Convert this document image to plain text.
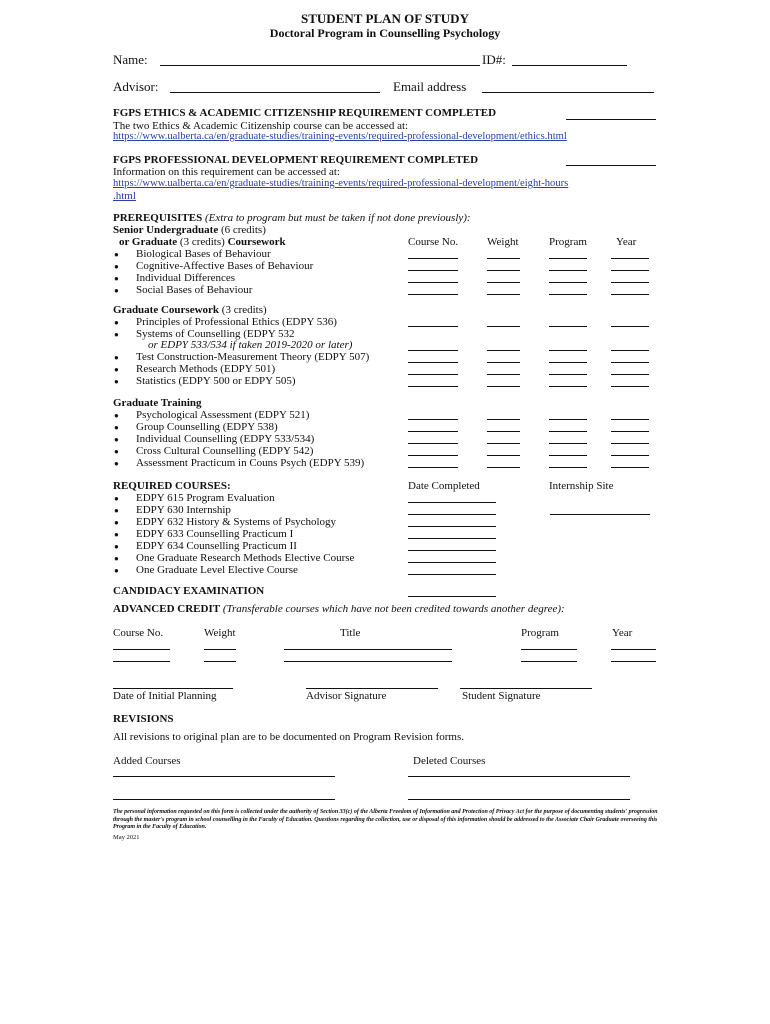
STUDENT PLAN OF STUDY
Doctoral Program in Counselling Psychology
Name:	ID#:
Advisor:	Email address
FGPS ETHICS & ACADEMIC CITIZENSHIP REQUIREMENT COMPLETED
The two Ethics & Academic Citizenship course can be accessed at:
https://www.ualberta.ca/en/graduate-studies/training-events/required-professional-development/ethics.html
FGPS PROFESSIONAL DEVELOPMENT REQUIREMENT COMPLETED
Information on this requirement can be accessed at:
https://www.ualberta.ca/en/graduate-studies/training-events/required-professional-development/eight-hours
.html
PREREQUISITES (Extra to program but must be taken if not done previously):
Senior Undergraduate (6 credits)
or Graduate (3 credits) Coursework	Course No.	Weight	Program	Year
● Biological Bases of Behaviour
● Cognitive-Affective Bases of Behaviour
● Individual Differences
● Social Bases of Behaviour
Graduate Coursework (3 credits)
● Principles of Professional Ethics (EDPY 536)
● Systems of Counselling (EDPY 532
or EDPY 533/534 if taken 2019-2020 or later)
● Test Construction-Measurement Theory (EDPY 507)
● Research Methods (EDPY 501)
● Statistics (EDPY 500 or EDPY 505)
Graduate Training
● Psychological Assessment (EDPY 521)
● Group Counselling (EDPY 538)
● Individual Counselling (EDPY 533/534)
● Cross Cultural Counselling (EDPY 542)
● Assessment Practicum in Couns Psych (EDPY 539)
REQUIRED COURSES:	Date Completed	Internship Site
● EDPY 615 Program Evaluation
● EDPY 630 Internship
● EDPY 632 History & Systems of Psychology
● EDPY 633 Counselling Practicum I
● EDPY 634 Counselling Practicum II
● One Graduate Research Methods Elective Course
● One Graduate Level Elective Course
CANDIDACY EXAMINATION
ADVANCED CREDIT (Transferable courses which have not been credited towards another degree):
Course No.	Weight	Title	Program	Year
Date of Initial Planning	Advisor Signature	Student Signature
REVISIONS
All revisions to original plan are to be documented on Program Revision forms.
Added Courses	Deleted Courses
The personal information requested on this form is collected under the authority of Section 33(c) of the Alberta Freedom of Information and Protection of Privacy Act for the purpose of documenting students' progression through the master's program in school counselling in the Faculty of Education. Questions regarding the collection, use or disposal of this information should be addressed to the Associate Chair Graduate overseeing this Program in the Faculty of Education.
May 2021
